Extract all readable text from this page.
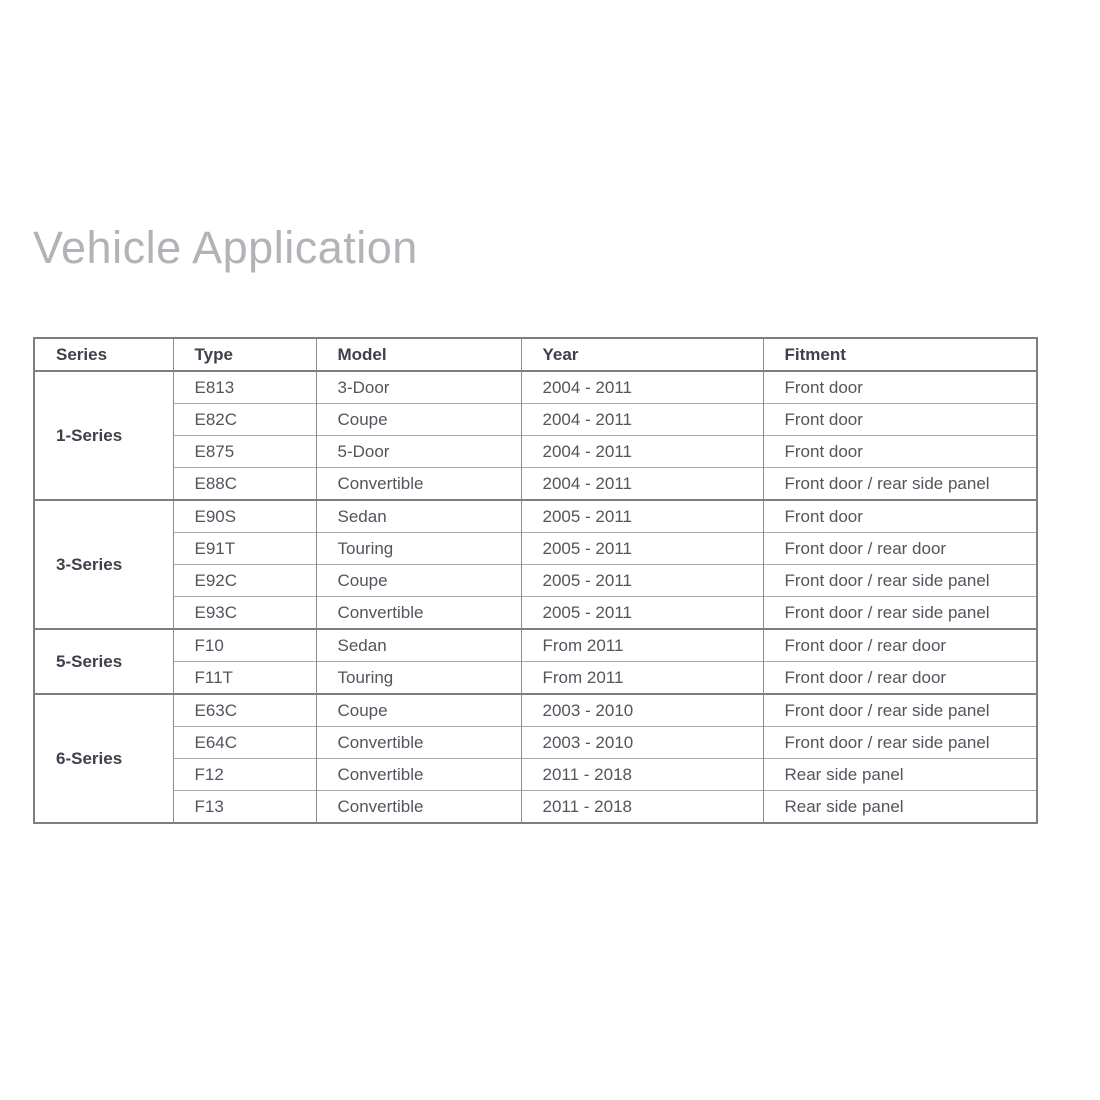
Vehicle Application
Series	Type	Model	Year	Fitment
1-Series	E813	3-Door	2004 - 2011	Front door
	E82C	Coupe	2004 - 2011	Front door
	E875	5-Door	2004 - 2011	Front door
	E88C	Convertible	2004 - 2011	Front door / rear side panel
3-Series	E90S	Sedan	2005 - 2011	Front door
	E91T	Touring	2005 - 2011	Front door / rear door
	E92C	Coupe	2005 - 2011	Front door / rear side panel
	E93C	Convertible	2005 - 2011	Front door / rear side panel
5-Series	F10	Sedan	From 2011	Front door / rear door
	F11T	Touring	From 2011	Front door / rear door
6-Series	E63C	Coupe	2003 - 2010	Front door / rear side panel
	E64C	Convertible	2003 - 2010	Front door / rear side panel
	F12	Convertible	2011 - 2018	Rear side panel
	F13	Convertible	2011 - 2018	Rear side panel
